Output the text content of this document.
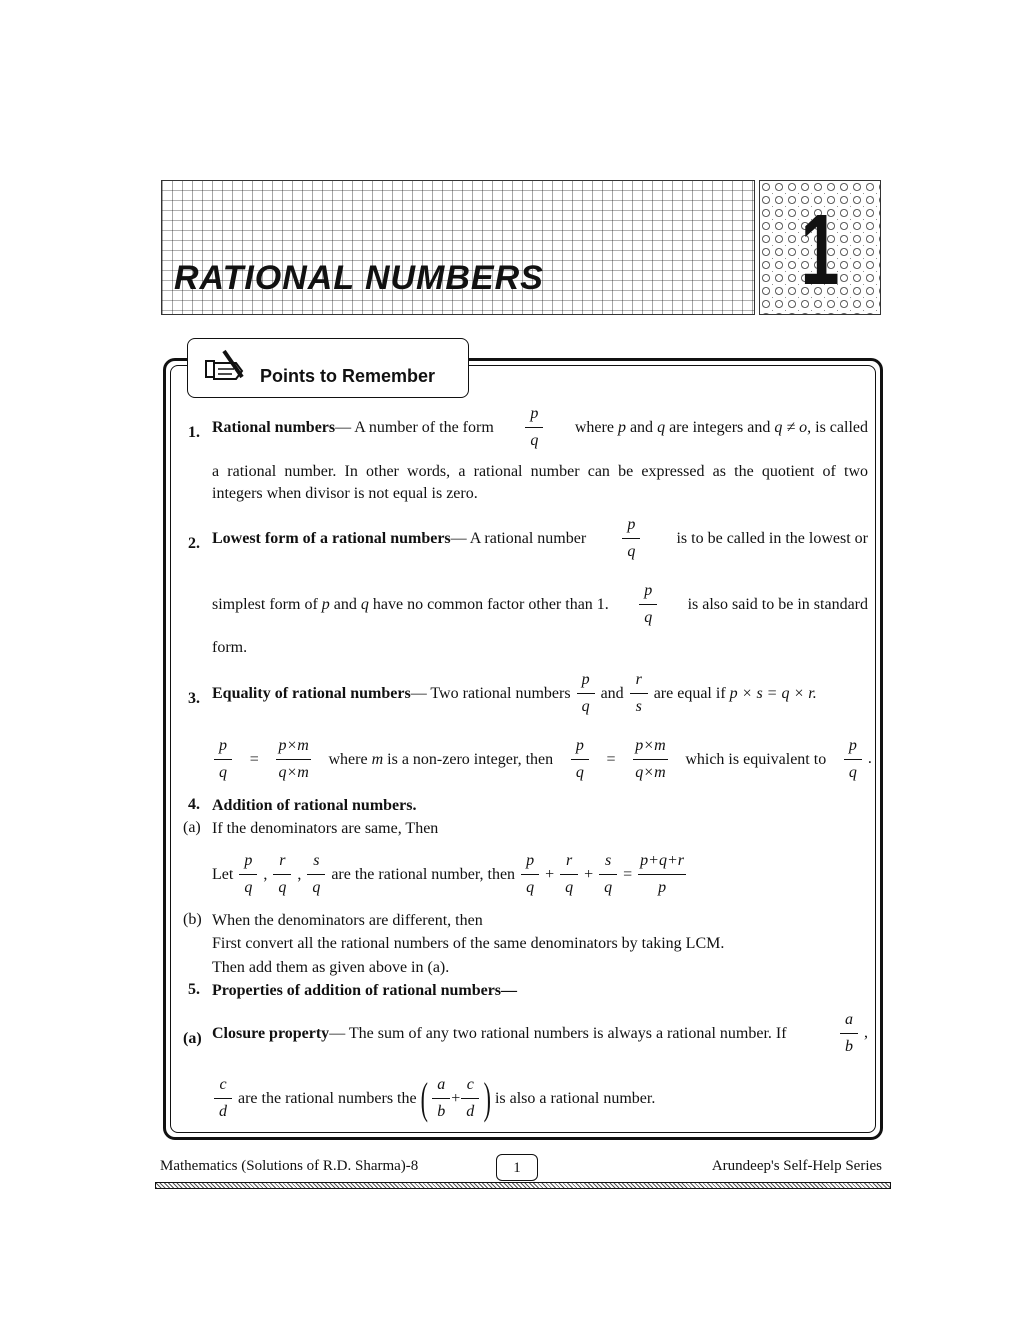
RATIONAL NUMBERS	1
Points to Remember
1. Rational numbers— A number of the form $\frac{p}{q}$ where p and q are integers and q ≠ o, is called
a rational number. In other words, a rational number can be expressed as the quotient of two
integers when divisor is not equal is zero.
2. Lowest form of a rational numbers— A rational number $\frac{p}{q}$ is to be called in the lowest or
simplest form of p and q have no common factor other than 1. $\frac{p}{q}$ is also said to be in standard
form.
3. Equality of rational numbers — Two rational numbers $\frac{p}{q}$ and $\frac{r}{s}$ are equal if
p × s = q × r.
$\frac{p}{q} = \frac{p\times m}{q\times m}$ where m is a non-zero integer, then $\frac{p}{q} = \frac{p\times m}{q\times m}$ which is equivalent to $\frac{p}{q}$ .
4. Addition of rational numbers.
(a) If the denominators are same, Then
Let $\frac{p}{q}$ , $\frac{r}{q}$ , $\frac{s}{q}$ are the rational number, then $\frac{p}{q} + \frac{r}{q} + \frac{s}{q} = \frac{p+q+r}{p}$
(b) When the denominators are different, then
First convert all the rational numbers of the same denominators by taking LCM.
Then add them as given above in (a).
5. Properties of addition of rational numbers—
(a) Closure property— The sum of any two rational numbers is always a rational number. If	$\frac{a}{b}$ ,
$\frac{c}{d}$ are the rational numbers the ( $\frac{a}{b} + \frac{c}{d}$ ) is also a rational number.
Mathematics (Solutions of R.D. Sharma)-8	1	Arundeep's Self-Help Series
